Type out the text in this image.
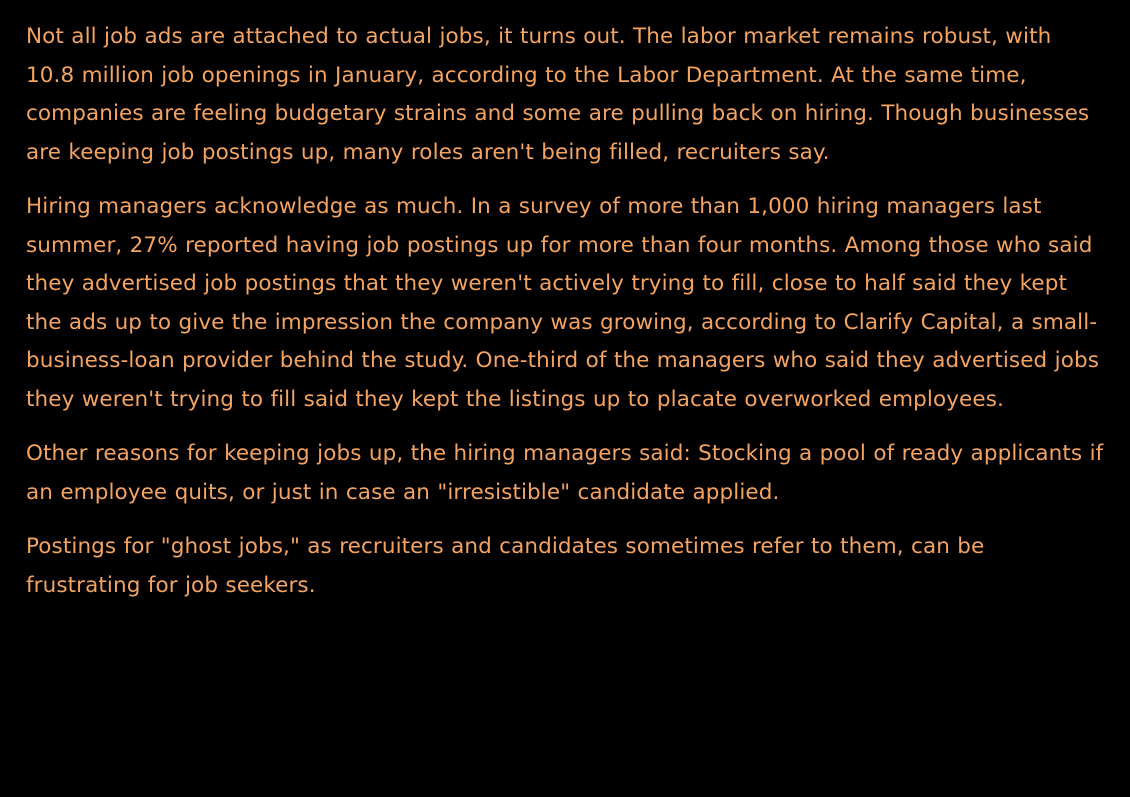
Not all job ads are attached to actual jobs, it turns out. The labor market remains robust, with 10.8 million job openings in January, according to the Labor Department. At the same time, companies are feeling budgetary strains and some are pulling back on hiring. Though businesses are keeping job postings up, many roles aren't being filled, recruiters say.

Hiring managers acknowledge as much. In a survey of more than 1,000 hiring managers last summer, 27% reported having job postings up for more than four months. Among those who said they advertised job postings that they weren't actively trying to fill, close to half said they kept the ads up to give the impression the company was growing, according to Clarify Capital, a small-business-loan provider behind the study. One-third of the managers who said they advertised jobs they weren't trying to fill said they kept the listings up to placate overworked employees.

Other reasons for keeping jobs up, the hiring managers said: Stocking a pool of ready applicants if an employee quits, or just in case an "irresistible" candidate applied.

Postings for "ghost jobs," as recruiters and candidates sometimes refer to them, can be frustrating for job seekers.
